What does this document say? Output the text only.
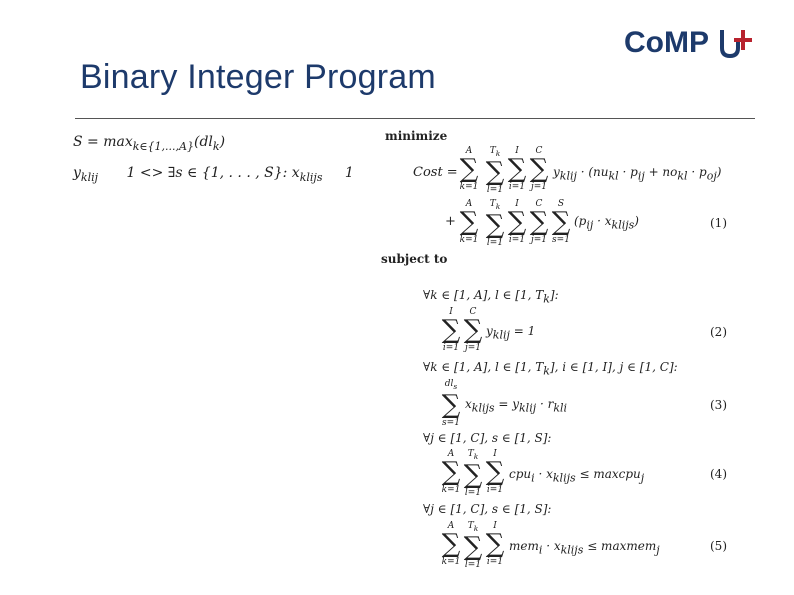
Binary Integer Program
CoMP
$S = \max_{k\in\{1,...,A\}}(dl_k)$
$y_{klij}$ 1 <> ∃s ∈ {1, . . . , S}: $x_{klijs}$ 1
minimize
Cost =
A
∑
k=1
$T_k$
∑
l=1
I
∑
i=1
C
∑
j=1
$y_{klij} \cdot (nu_{kl} \cdot p_{ij} + no_{kl} \cdot p_{oj})$
+
A
∑
k=1
$T_k$
∑
l=1
I
∑
i=1
C
∑
j=1
S
∑
s=1
$(p_{ij} \cdot x_{klijs})$	(1)
subject to
∀k ∈ [1, A], l ∈ [1, $T_k$]:
I
∑
i=1
C
∑
j=1
$y_{klij} = 1$	(2)
∀k ∈ [1, A], l ∈ [1, $T_k$], i ∈ [1, I], j ∈ [1, C]:
$dl_s$
∑
s=1
$x_{klijs} = y_{klij} \cdot r_{kli}$	(3)
∀j ∈ [1, C], s ∈ [1, S]:
A
∑
k=1
$T_k$
∑
l=1
I
∑
i=1
$cpu_i \cdot x_{klijs}$ ≤ maxcpu$_j$	(4)
∀j ∈ [1, C], s ∈ [1, S]:
A
∑
k=1
$T_k$
∑
l=1
I
∑
i=1
$mem_i \cdot x_{klijs}$ ≤ maxmem$_j$	(5)
